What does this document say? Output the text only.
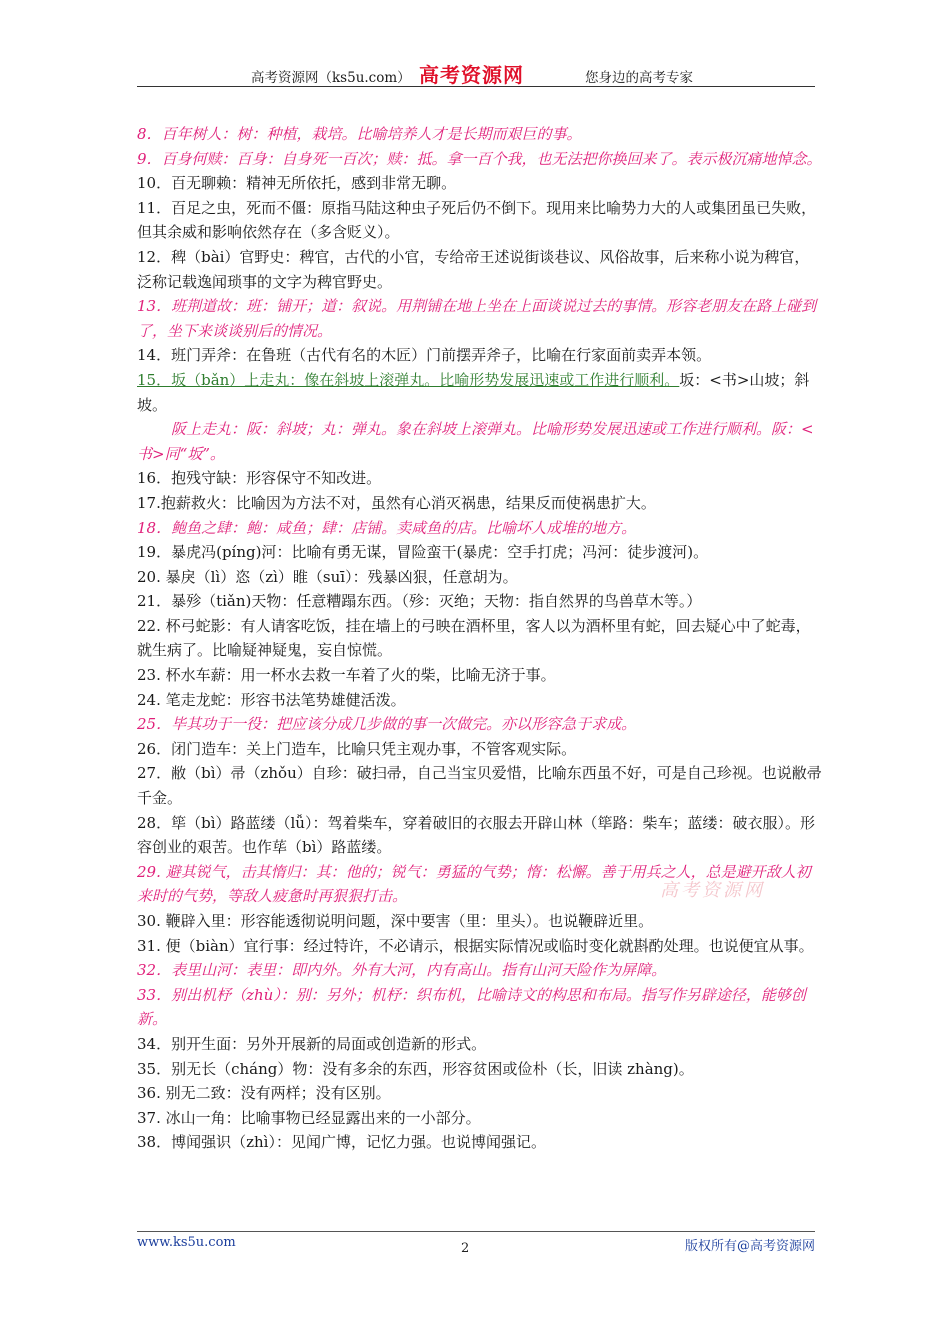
高考资源网（ks5u.com） 高考资源网	您身边的高考专家

8．百年树人：树：种植，栽培。比喻培养人才是长期而艰巨的事。

9．百身何赎：百身：自身死一百次；赎：抵。拿一百个我，也无法把你换回来了。表示极沉痛地悼念。

10．百无聊赖：精神无所依托，感到非常无聊。

11．百足之虫，死而不僵：原指马陆这种虫子死后仍不倒下。现用来比喻势力大的人或集团虽已失败，但其余威和影响依然存在（多含贬义）。

12．稗（bài）官野史：稗官，古代的小官，专给帝王述说街谈巷议、风俗故事，后来称小说为稗官，泛称记载逸闻琐事的文字为稗官野史。

13．班荆道故：班：铺开；道：叙说。用荆铺在地上坐在上面谈说过去的事情。形容老朋友在路上碰到了，坐下来谈谈别后的情况。

14．班门弄斧：在鲁班（古代有名的木匠）门前摆弄斧子，比喻在行家面前卖弄本领。

15．坂（bǎn）上走丸：像在斜坡上滚弹丸。比喻形势发展迅速或工作进行顺利。坂：<书>山坡；斜坡。

阪上走丸：阪：斜坡；丸：弹丸。象在斜坡上滚弹丸。比喻形势发展迅速或工作进行顺利。阪：<书>同“坂”。

16．抱残守缺：形容保守不知改进。

17.抱薪救火：比喻因为方法不对，虽然有心消灭祸患，结果反而使祸患扩大。

18．鲍鱼之肆：鲍：咸鱼；肆：店铺。卖咸鱼的店。比喻坏人成堆的地方。

19．暴虎冯(píng)河：比喻有勇无谋，冒险蛮干(暴虎：空手打虎；冯河：徒步渡河)。

20. 暴戾（lì）恣（zì）睢（suī）：残暴凶狠，任意胡为。

21．暴殄（tiǎn)天物：任意糟蹋东西。（殄：灭绝；天物：指自然界的鸟兽草木等。）

22. 杯弓蛇影：有人请客吃饭，挂在墙上的弓映在酒杯里，客人以为酒杯里有蛇，回去疑心中了蛇毒，就生病了。比喻疑神疑鬼，妄自惊慌。

23. 杯水车薪：用一杯水去救一车着了火的柴，比喻无济于事。

24. 笔走龙蛇：形容书法笔势雄健活泼。

25．毕其功于一役：把应该分成几步做的事一次做完。亦以形容急于求成。

26．闭门造车：关上门造车，比喻只凭主观办事，不管客观实际。

27．敝（bì）帚（zhǒu）自珍：破扫帚，自己当宝贝爱惜，比喻东西虽不好，可是自己珍视。也说敝帚千金。

28．筚（bì）路蓝缕（lǚ）：驾着柴车，穿着破旧的衣服去开辟山林（筚路：柴车；蓝缕：破衣服）。形容创业的艰苦。也作荜（bì）路蓝缕。

29. 避其锐气，击其惰归：其：他的；锐气：勇猛的气势；惰：松懈。善于用兵之人，总是避开敌人初来时的气势，等敌人疲惫时再狠狠打击。

30. 鞭辟入里：形容能透彻说明问题，深中要害（里：里头）。也说鞭辟近里。

31. 便（biàn）宜行事：经过特许，不必请示，根据实际情况或临时变化就斟酌处理。也说便宜从事。

32．表里山河：表里：即内外。外有大河，内有高山。指有山河天险作为屏障。

33．别出机杼（zhù）：别：另外；机杼：织布机，比喻诗文的构思和布局。指写作另辟途径，能够创新。

34．别开生面：另外开展新的局面或创造新的形式。

35．别无长（cháng）物：没有多余的东西，形容贫困或俭朴（长，旧读 zhàng)。

36. 别无二致：没有两样；没有区别。

37. 冰山一角：比喻事物已经显露出来的一小部分。

38．博闻强识（zhì）：见闻广博，记忆力强。也说博闻强记。

高考资源网
www.ks5u.com	2	版权所有@高考资源网
